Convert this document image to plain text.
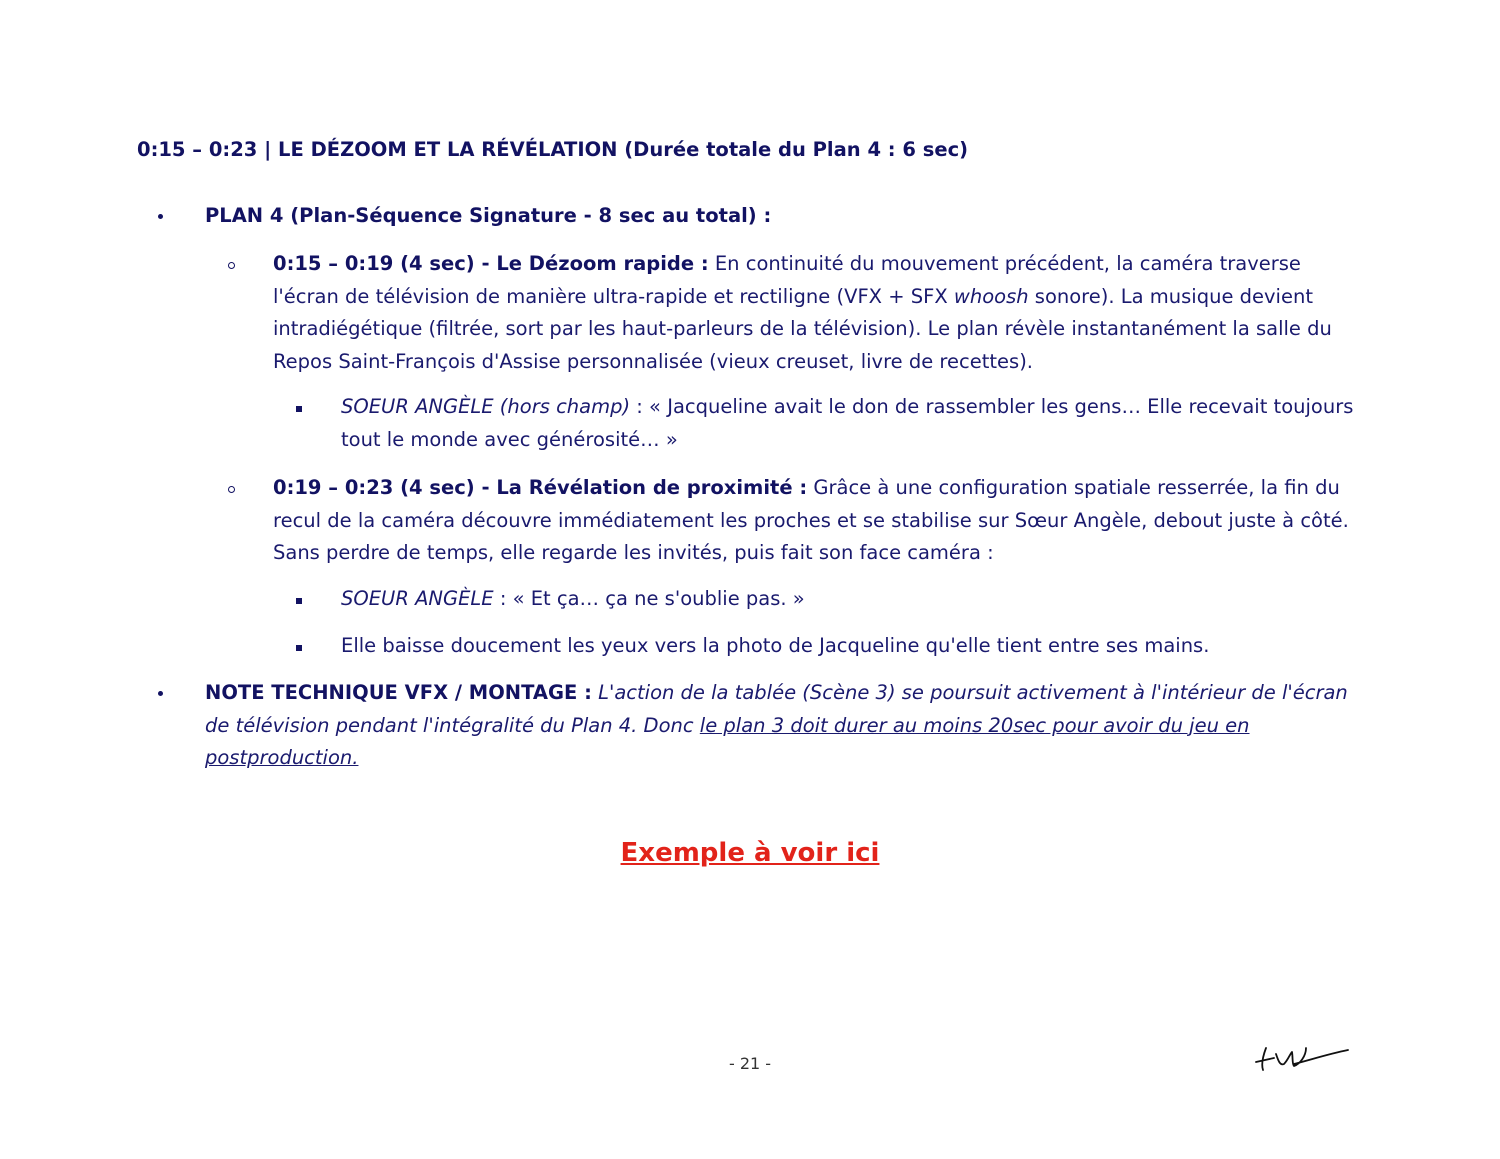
0:15 – 0:23 | LE DÉZOOM ET LA RÉVÉLATION (Durée totale du Plan 4 : 6 sec)
PLAN 4 (Plan-Séquence Signature - 8 sec au total) :
0:15 – 0:19 (4 sec) - Le Dézoom rapide : En continuité du mouvement précédent, la caméra traverse l'écran de télévision de manière ultra-rapide et rectiligne (VFX + SFX whoosh sonore). La musique devient intradiégétique (filtrée, sort par les haut-parleurs de la télévision). Le plan révèle instantanément la salle du Repos Saint-François d'Assise personnalisée (vieux creuset, livre de recettes).
SOEUR ANGÈLE (hors champ) : « Jacqueline avait le don de rassembler les gens… Elle recevait toujours tout le monde avec générosité… »
0:19 – 0:23 (4 sec) - La Révélation de proximité : Grâce à une configuration spatiale resserrée, la fin du recul de la caméra découvre immédiatement les proches et se stabilise sur Sœur Angèle, debout juste à côté. Sans perdre de temps, elle regarde les invités, puis fait son face caméra :
SOEUR ANGÈLE : « Et ça… ça ne s'oublie pas. »
Elle baisse doucement les yeux vers la photo de Jacqueline qu'elle tient entre ses mains.
NOTE TECHNIQUE VFX / MONTAGE : L'action de la tablée (Scène 3) se poursuit activement à l'intérieur de l'écran de télévision pendant l'intégralité du Plan 4. Donc le plan 3 doit durer au moins 20sec pour avoir du jeu en postproduction.
Exemple à voir ici
- 21 -
